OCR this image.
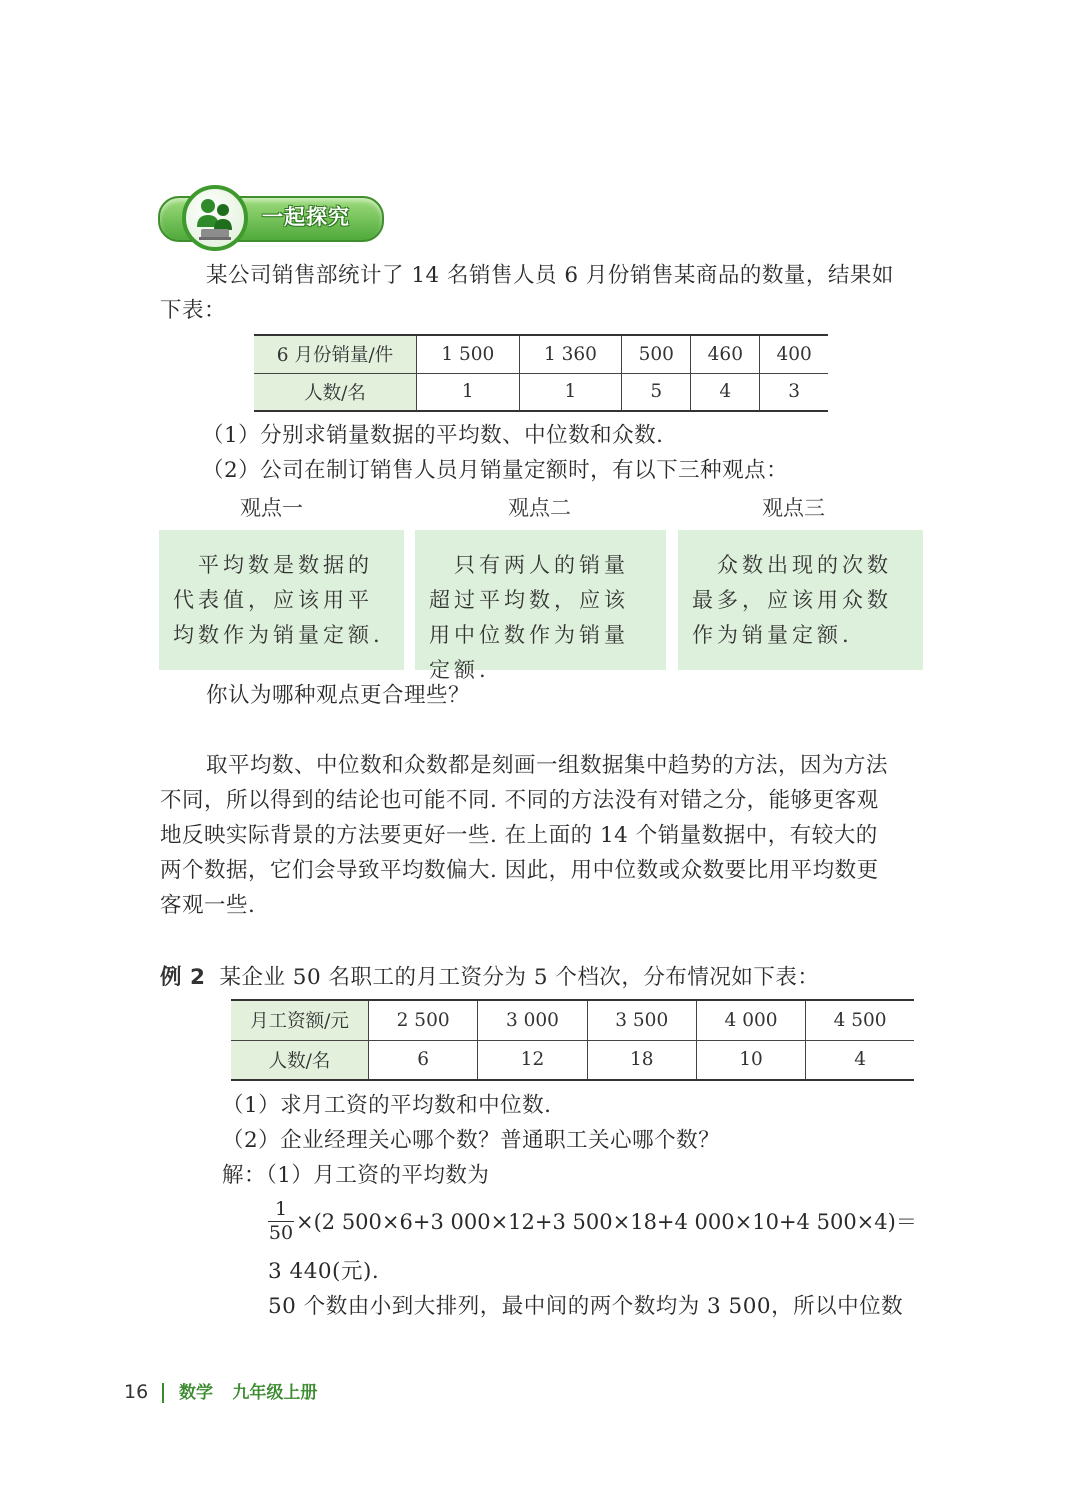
一起探究

某公司销售部统计了 14 名销售人员 6 月份销售某商品的数量，结果如

下表：

6 月份销量/件	1 500	1 360	500	460	400
人数/名	1	1	5	4	3

（1）分别求销量数据的平均数、中位数和众数.

（2）公司在制订销售人员月销量定额时，有以下三种观点：

观点一	观点二	观点三
　平均数是数据的代表值，应该用平均数作为销量定额.
　只有两人的销量超过平均数，应该用中位数作为销量定额.
　众数出现的次数最多，应该用众数作为销量定额.
你认为哪种观点更合理些？

取平均数、中位数和众数都是刻画一组数据集中趋势的方法，因为方法

不同，所以得到的结论也可能不同. 不同的方法没有对错之分，能够更客观

地反映实际背景的方法要更好一些. 在上面的 14 个销量数据中，有较大的

两个数据，它们会导致平均数偏大. 因此，用中位数或众数要比用平均数更

客观一些.

例 2 某企业 50 名职工的月工资分为 5 个档次，分布情况如下表：
月工资额/元	2 500	3 000	3 500	4 000	4 500
人数/名	6	12	18	10	4

（1）求月工资的平均数和中位数.

（2）企业经理关心哪个数？普通职工关心哪个数？

解：（1）月工资的平均数为

$\frac{1}{50} \times(2$ 500×6+3 000×12+3 500×18+4 000×10+4 500×4)＝
3 440(元).
50 个数由小到大排列，最中间的两个数均为 3 500，所以中位数
16 数学 九年级上册
